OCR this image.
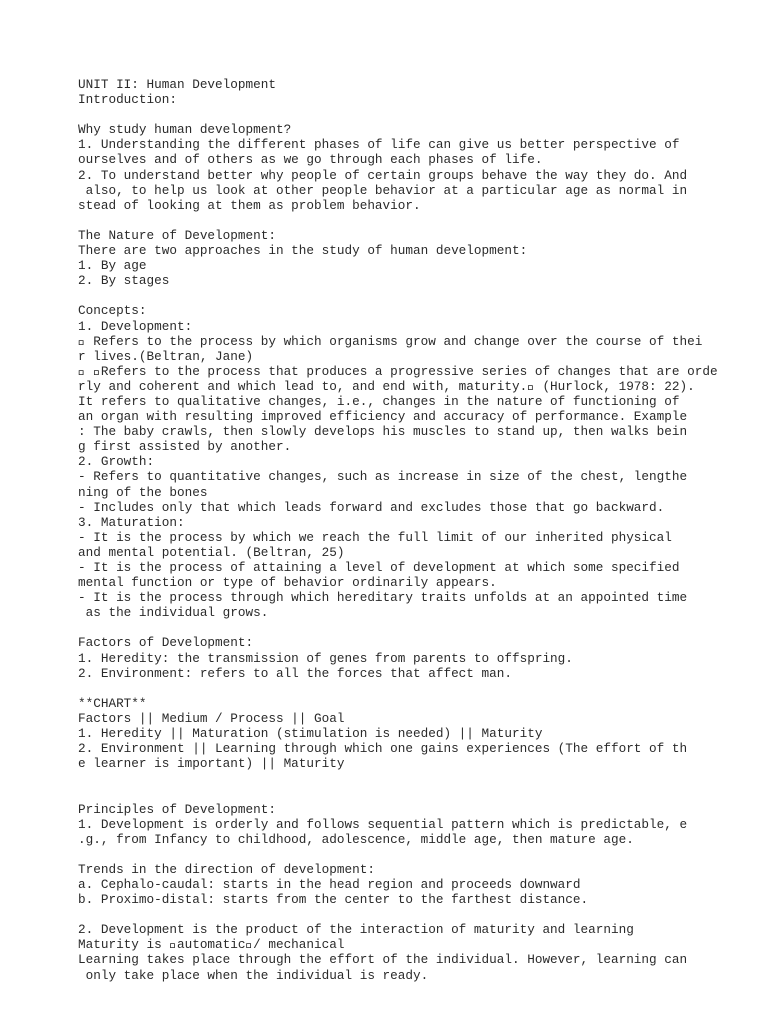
UNIT II: Human Development
Introduction:
Why study human development?
1. Understanding the different phases of life can give us better perspective of
ourselves and of others as we go through each phases of life.
2. To understand better why people of certain groups behave the way they do. And
also, to help us look at other people behavior at a particular age as normal in
stead of looking at them as problem behavior.
The Nature of Development:
There are two approaches in the study of human development:
1. By age
2. By stages
Concepts:
1. Development:
Refers to the process by which organisms grow and change over the course of thei
r lives.(Beltran, Jane)
Refers to the process that produces a progressive series of changes that are orde
rly and coherent and which lead to, and end with, maturity.  (Hurlock, 1978: 22).
It refers to qualitative changes, i.e., changes in the nature of functioning of
an organ with resulting improved efficiency and accuracy of performance. Example
: The baby crawls, then slowly develops his muscles to stand up, then walks bein
g first assisted by another.
2. Growth:
- Refers to quantitative changes, such as increase in size of the chest, lengthe
ning of the bones
- Includes only that which leads forward and excludes those that go backward.
3. Maturation:
- It is the process by which we reach the full limit of our inherited physical
and mental potential. (Beltran, 25)
- It is the process of attaining a level of development at which some specified
mental function or type of behavior ordinarily appears.
- It is the process through which hereditary traits unfolds at an appointed time
as the individual grows.
Factors of Development:
1. Heredity: the transmission of genes from parents to offspring.
2. Environment: refers to all the forces that affect man.
**CHART**
Factors || Medium / Process || Goal
1. Heredity || Maturation (stimulation is needed) || Maturity
2. Environment || Learning through which one gains experiences (The effort of th
e learner is important) || Maturity
Principles of Development:
1. Development is orderly and follows sequential pattern which is predictable, e
.g., from Infancy to childhood, adolescence, middle age, then mature age.
Trends in the direction of development:
a. Cephalo-caudal: starts in the head region and proceeds downward
b. Proximo-distal: starts from the center to the farthest distance.
2. Development is the product of the interaction of maturity and learning
Maturity is  automatic / mechanical
Learning takes place through the effort of the individual. However, learning can
only take place when the individual is ready.
